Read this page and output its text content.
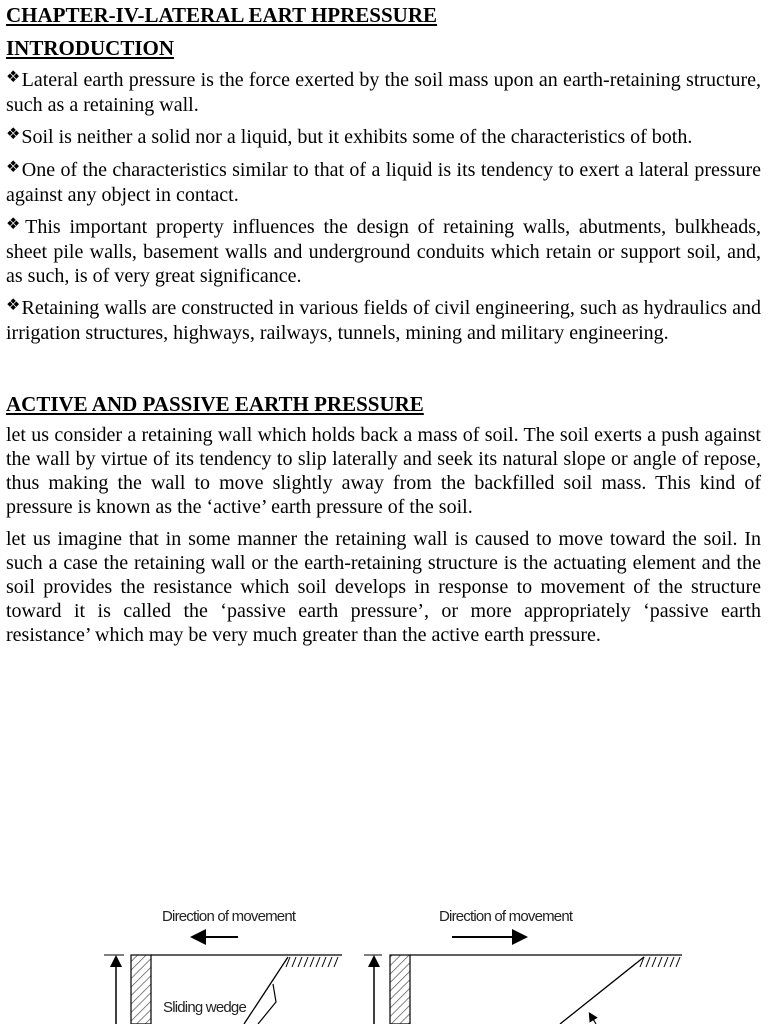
CHAPTER-IV-LATERAL EART HPRESSURE

INTRODUCTION

❖Lateral earth pressure is the force exerted by the soil mass upon an earth-retaining structure, such as a retaining wall.

❖Soil is neither a solid nor a liquid, but it exhibits some of the characteristics of both.

❖One of the characteristics similar to that of a liquid is its tendency to exert a lateral pressure against any object in contact.

❖This important property influences the design of retaining walls, abutments, bulkheads, sheet pile walls, basement walls and underground conduits which retain or support soil, and, as such, is of very great significance.

❖Retaining walls are constructed in various fields of civil engineering, such as hydraulics and irrigation structures, highways, railways, tunnels, mining and military engineering.

ACTIVE AND PASSIVE EARTH PRESSURE

let us consider a retaining wall which holds back a mass of soil. The soil exerts a push against the wall by virtue of its tendency to slip laterally and seek its natural slope or angle of repose, thus making the wall to move slightly away from the backfilled soil mass. This kind of pressure is known as the ‘active’ earth pressure of the soil.

let us imagine that in some manner the retaining wall is caused to move toward the soil. In such a case the retaining wall or the earth-retaining structure is the actuating element and the soil provides the resistance which soil develops in response to movement of the structure toward it is called the ‘passive earth pressure’, or more appropriately ‘passive earth resistance’ which may be very much greater than the active earth pressure.

Direction of movement
Sliding wedge
Direction of movement
